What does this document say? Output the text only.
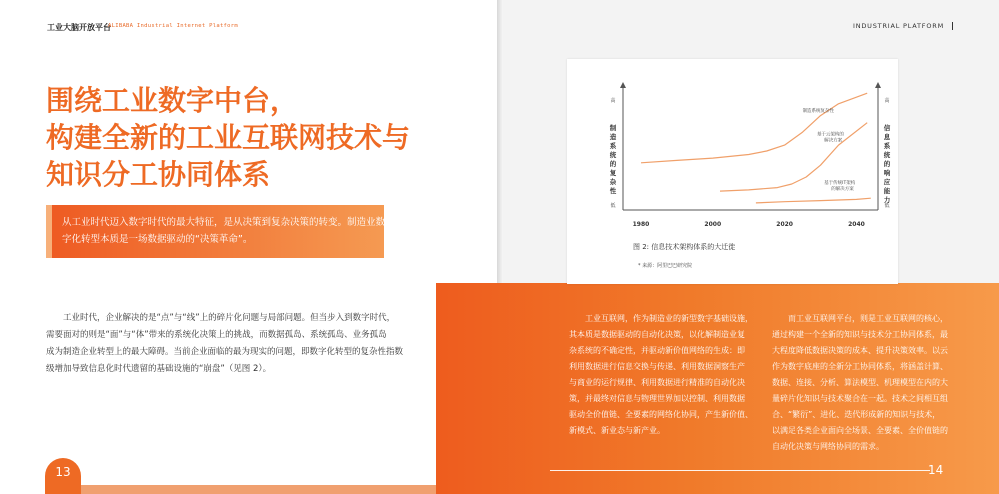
工业大脑开放平台
ALIBABA Industrial Internet Platform	INDUSTRIAL PLATFORM
围绕工业数字中台，
构建全新的工业互联网技术与
知识分工协同体系
从工业时代迈入数字时代的最大特征，是从决策到复杂决策的转变。制造业数
字化转型本质是一场数据驱动的“决策革命”。
工业时代，企业解决的是“点”与“线”上的碎片化问题与局部问题。但当步入到数字时代，
需要面对的则是“面”与“体”带来的系统化决策上的挑战，而数据孤岛、系统孤岛、业务孤岛
成为制造企业转型上的最大障碍。当前企业面临的最为现实的问题，即数字化转型的复杂性指数
级增加导致信息化时代遗留的基础设施的“崩盘”（见图 2）。
13
工业互联网，作为制造业的新型数字基础设施，
其本质是数据驱动的自动化决策，以化解制造业复
杂系统的不确定性，并驱动新价值网络的生成：即
利用数据进行信息交换与传递、利用数据洞察生产
与商业的运行规律、利用数据进行精准的自动化决
策，并最终对信息与物理世界加以控制、利用数据
驱动全价值链、全要素的网络化协同，产生新价值、
新模式、新业态与新产业。
而工业互联网平台，则是工业互联网的核心，
通过构建一个全新的知识与技术分工协同体系，最
大程度降低数据决策的成本、提升决策效率。以云
作为数字底座的全新分工协同体系，将涵盖计算、
数据、连接、分析、算法模型、机理模型在内的大
量碎片化知识与技术聚合在一起。技术之间相互组
合、“繁衍”、进化、迭代形成新的知识与技术，
以满足各类企业面向全场景、全要素、全价值链的
自动化决策与网络协同的需求。
14
高
低
高
低
制
造
系
统
的
复
杂
性
信
息
系
统
的
响
应
能
力
1980	2000	2020	2040
制造系统复杂性
基于云架构的
解决方案
基于传统IT架构
的解决方案
图 2: 信息技术架构体系的大迁徙
* 来源：阿里巴巴研究院
